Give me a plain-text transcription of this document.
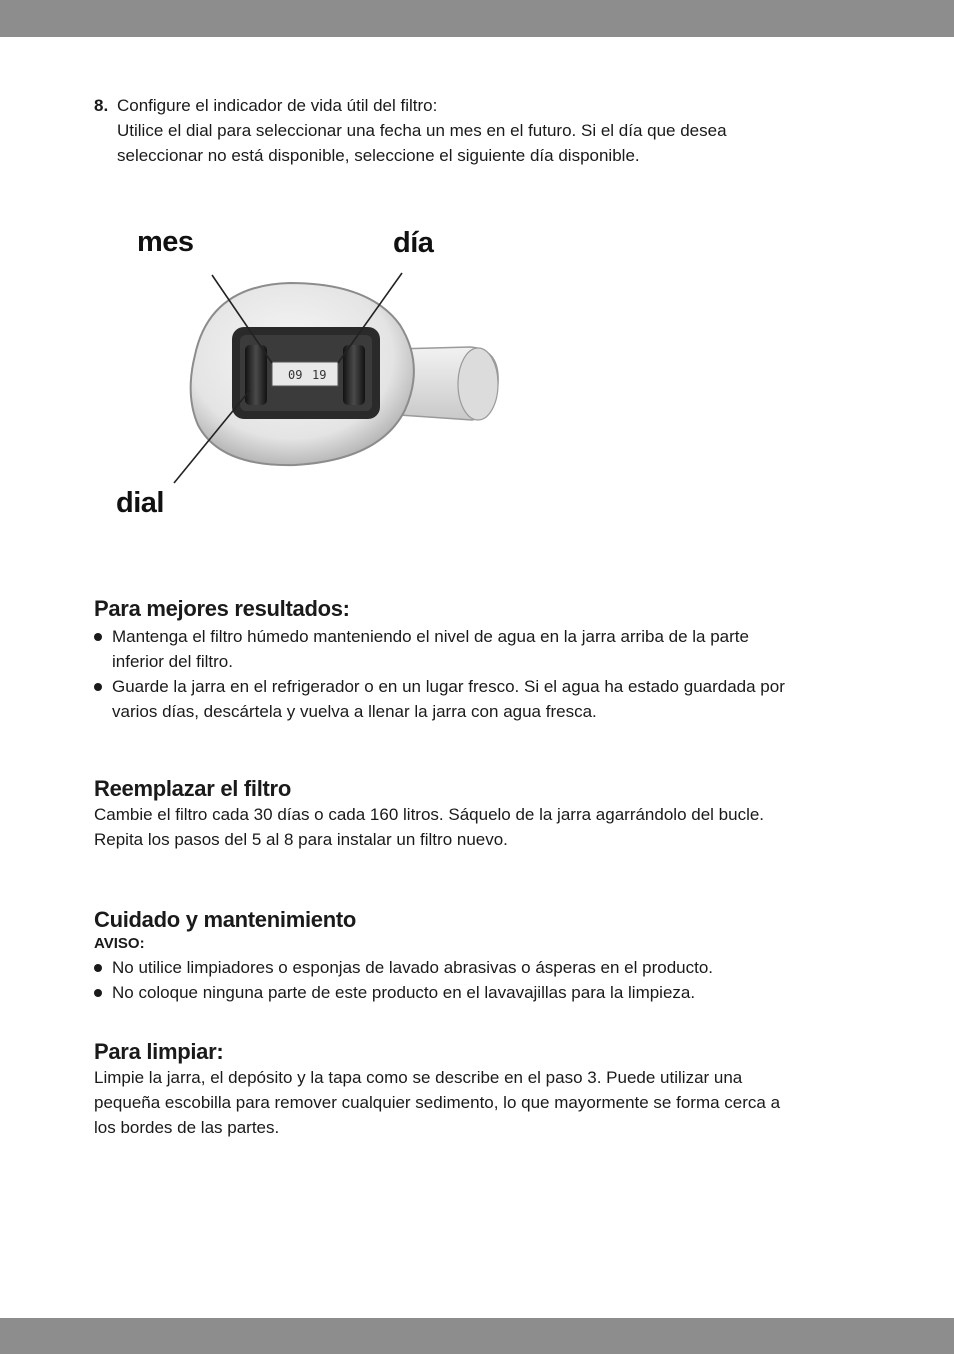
8. Configure el indicador de vida útil del filtro:
Utilice el dial para seleccionar una fecha un mes en el futuro. Si el día que desea
seleccionar no está disponible, seleccione el siguiente día disponible.
09 19
mes	día
dial
Para mejores resultados:
Mantenga el filtro húmedo manteniendo el nivel de agua en la jarra arriba de la parte
inferior del filtro.
Guarde la jarra en el refrigerador o en un lugar fresco. Si el agua ha estado guardada por
varios días, descártela y vuelva a llenar la jarra con agua fresca.
Reemplazar el filtro
Cambie el filtro cada 30 días o cada 160 litros. Sáquelo de la jarra agarrándolo del bucle.
Repita los pasos del 5 al 8 para instalar un filtro nuevo.
Cuidado y mantenimiento
AVISO:
No utilice limpiadores o esponjas de lavado abrasivas o ásperas en el producto.
No coloque ninguna parte de este producto en el lavavajillas para la limpieza.
Para limpiar:
Limpie la jarra, el depósito y la tapa como se describe en el paso 3. Puede utilizar una
pequeña escobilla para remover cualquier sedimento, lo que mayormente se forma cerca a
los bordes de las partes.
